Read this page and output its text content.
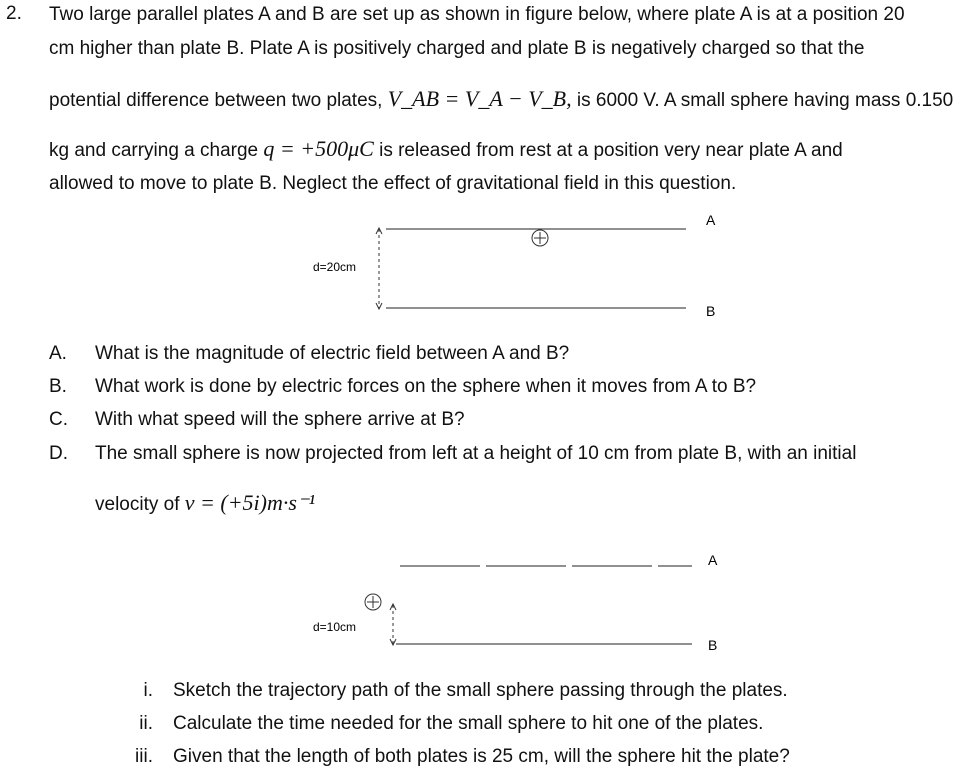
2. Two large parallel plates A and B are set up as shown in figure below, where plate A is at a position 20
cm higher than plate B. Plate A is positively charged and plate B is negatively charged so that the
potential difference between two plates, V_AB = V_A − V_B, is 6000 V. A small sphere having mass 0.150
kg and carrying a charge q = +500μC is released from rest at a position very near plate A and
allowed to move to plate B. Neglect the effect of gravitational field in this question.
A
B
d=20cm
A. What is the magnitude of electric field between A and B?
B. What work is done by electric forces on the sphere when it moves from A to B?
C. With what speed will the sphere arrive at B?
D. The small sphere is now projected from left at a height of 10 cm from plate B, with an initial
velocity of v = (+5i)m·s⁻¹
A
B
d=10cm
i. Sketch the trajectory path of the small sphere passing through the plates.
ii. Calculate the time needed for the small sphere to hit one of the plates.
iii. Given that the length of both plates is 25 cm, will the sphere hit the plate?
